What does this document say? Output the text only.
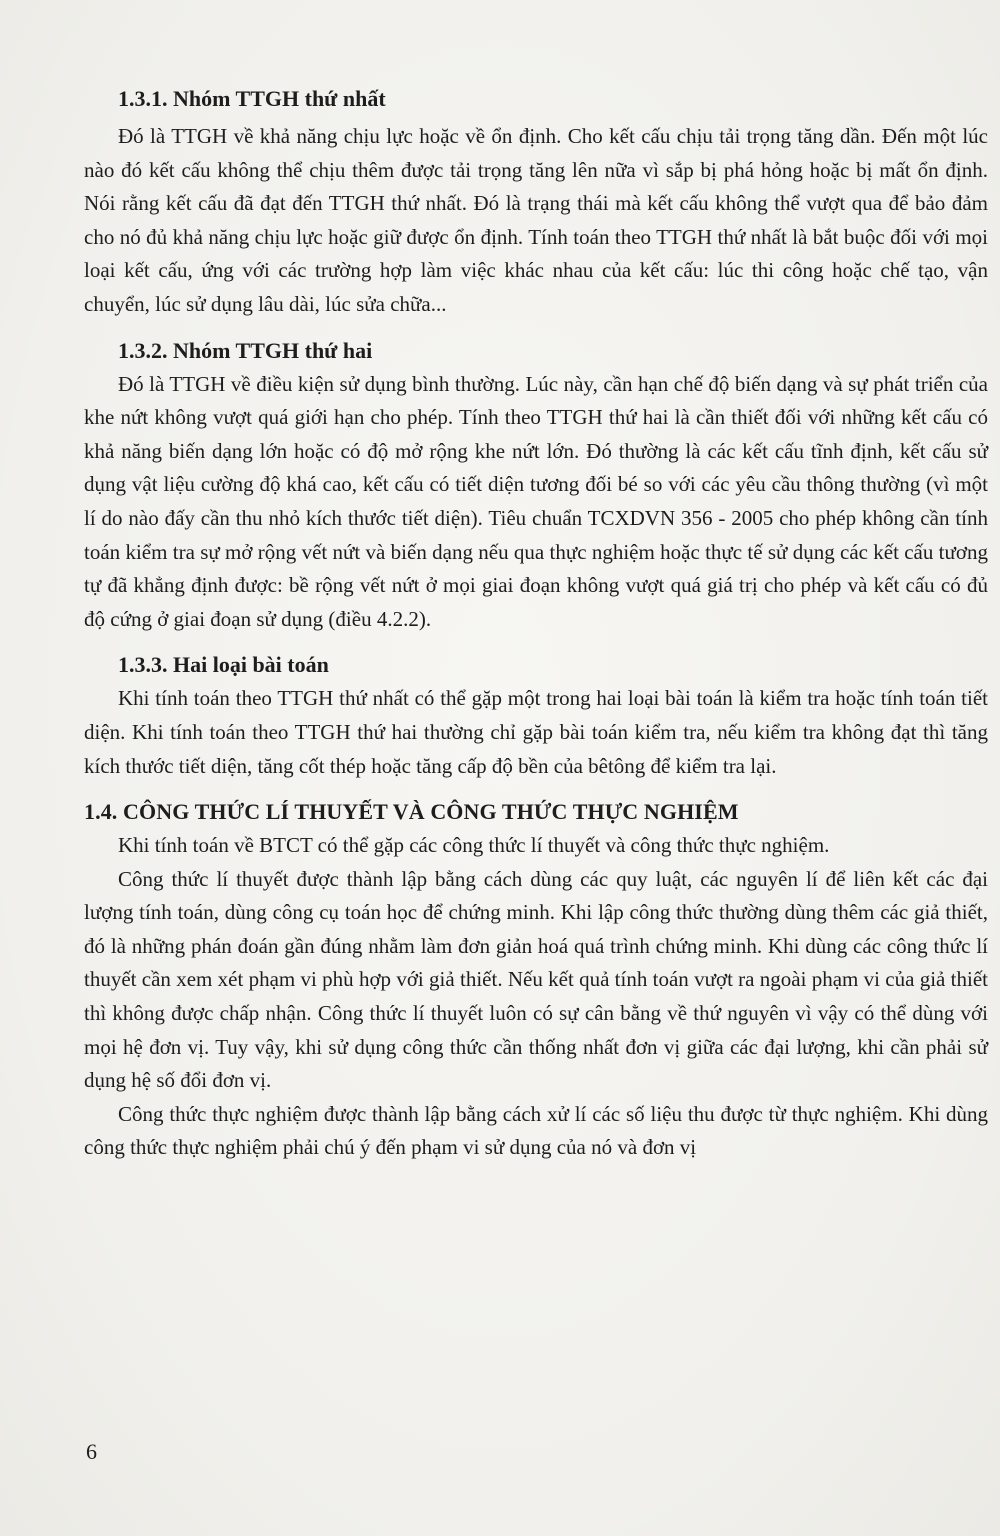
1.3.1. Nhóm TTGH thứ nhất

Đó là TTGH về khả năng chịu lực hoặc về ổn định. Cho kết cấu chịu tải trọng tăng dần. Đến một lúc nào đó kết cấu không thể chịu thêm được tải trọng tăng lên nữa vì sắp bị phá hỏng hoặc bị mất ổn định. Nói rằng kết cấu đã đạt đến TTGH thứ nhất. Đó là trạng thái mà kết cấu không thể vượt qua để bảo đảm cho nó đủ khả năng chịu lực hoặc giữ được ổn định. Tính toán theo TTGH thứ nhất là bắt buộc đối với mọi loại kết cấu, ứng với các trường hợp làm việc khác nhau của kết cấu: lúc thi công hoặc chế tạo, vận chuyển, lúc sử dụng lâu dài, lúc sửa chữa...

1.3.2. Nhóm TTGH thứ hai

Đó là TTGH về điều kiện sử dụng bình thường. Lúc này, cần hạn chế độ biến dạng và sự phát triển của khe nứt không vượt quá giới hạn cho phép. Tính theo TTGH thứ hai là cần thiết đối với những kết cấu có khả năng biến dạng lớn hoặc có độ mở rộng khe nứt lớn. Đó thường là các kết cấu tĩnh định, kết cấu sử dụng vật liệu cường độ khá cao, kết cấu có tiết diện tương đối bé so với các yêu cầu thông thường (vì một lí do nào đấy cần thu nhỏ kích thước tiết diện). Tiêu chuẩn TCXDVN 356 - 2005 cho phép không cần tính toán kiểm tra sự mở rộng vết nứt và biến dạng nếu qua thực nghiệm hoặc thực tế sử dụng các kết cấu tương tự đã khẳng định được: bề rộng vết nứt ở mọi giai đoạn không vượt quá giá trị cho phép và kết cấu có đủ độ cứng ở giai đoạn sử dụng (điều 4.2.2).

1.3.3. Hai loại bài toán

Khi tính toán theo TTGH thứ nhất có thể gặp một trong hai loại bài toán là kiểm tra hoặc tính toán tiết diện. Khi tính toán theo TTGH thứ hai thường chỉ gặp bài toán kiểm tra, nếu kiểm tra không đạt thì tăng kích thước tiết diện, tăng cốt thép hoặc tăng cấp độ bền của bêtông để kiểm tra lại.

1.4. CÔNG THỨC LÍ THUYẾT VÀ CÔNG THỨC THỰC NGHIỆM

Khi tính toán về BTCT có thể gặp các công thức lí thuyết và công thức thực nghiệm.

Công thức lí thuyết được thành lập bằng cách dùng các quy luật, các nguyên lí để liên kết các đại lượng tính toán, dùng công cụ toán học để chứng minh. Khi lập công thức thường dùng thêm các giả thiết, đó là những phán đoán gần đúng nhằm làm đơn giản hoá quá trình chứng minh. Khi dùng các công thức lí thuyết cần xem xét phạm vi phù hợp với giả thiết. Nếu kết quả tính toán vượt ra ngoài phạm vi của giả thiết thì không được chấp nhận. Công thức lí thuyết luôn có sự cân bằng về thứ nguyên vì vậy có thể dùng với mọi hệ đơn vị. Tuy vậy, khi sử dụng công thức cần thống nhất đơn vị giữa các đại lượng, khi cần phải sử dụng hệ số đổi đơn vị.

Công thức thực nghiệm được thành lập bằng cách xử lí các số liệu thu được từ thực nghiệm. Khi dùng công thức thực nghiệm phải chú ý đến phạm vi sử dụng của nó và đơn vị

6
